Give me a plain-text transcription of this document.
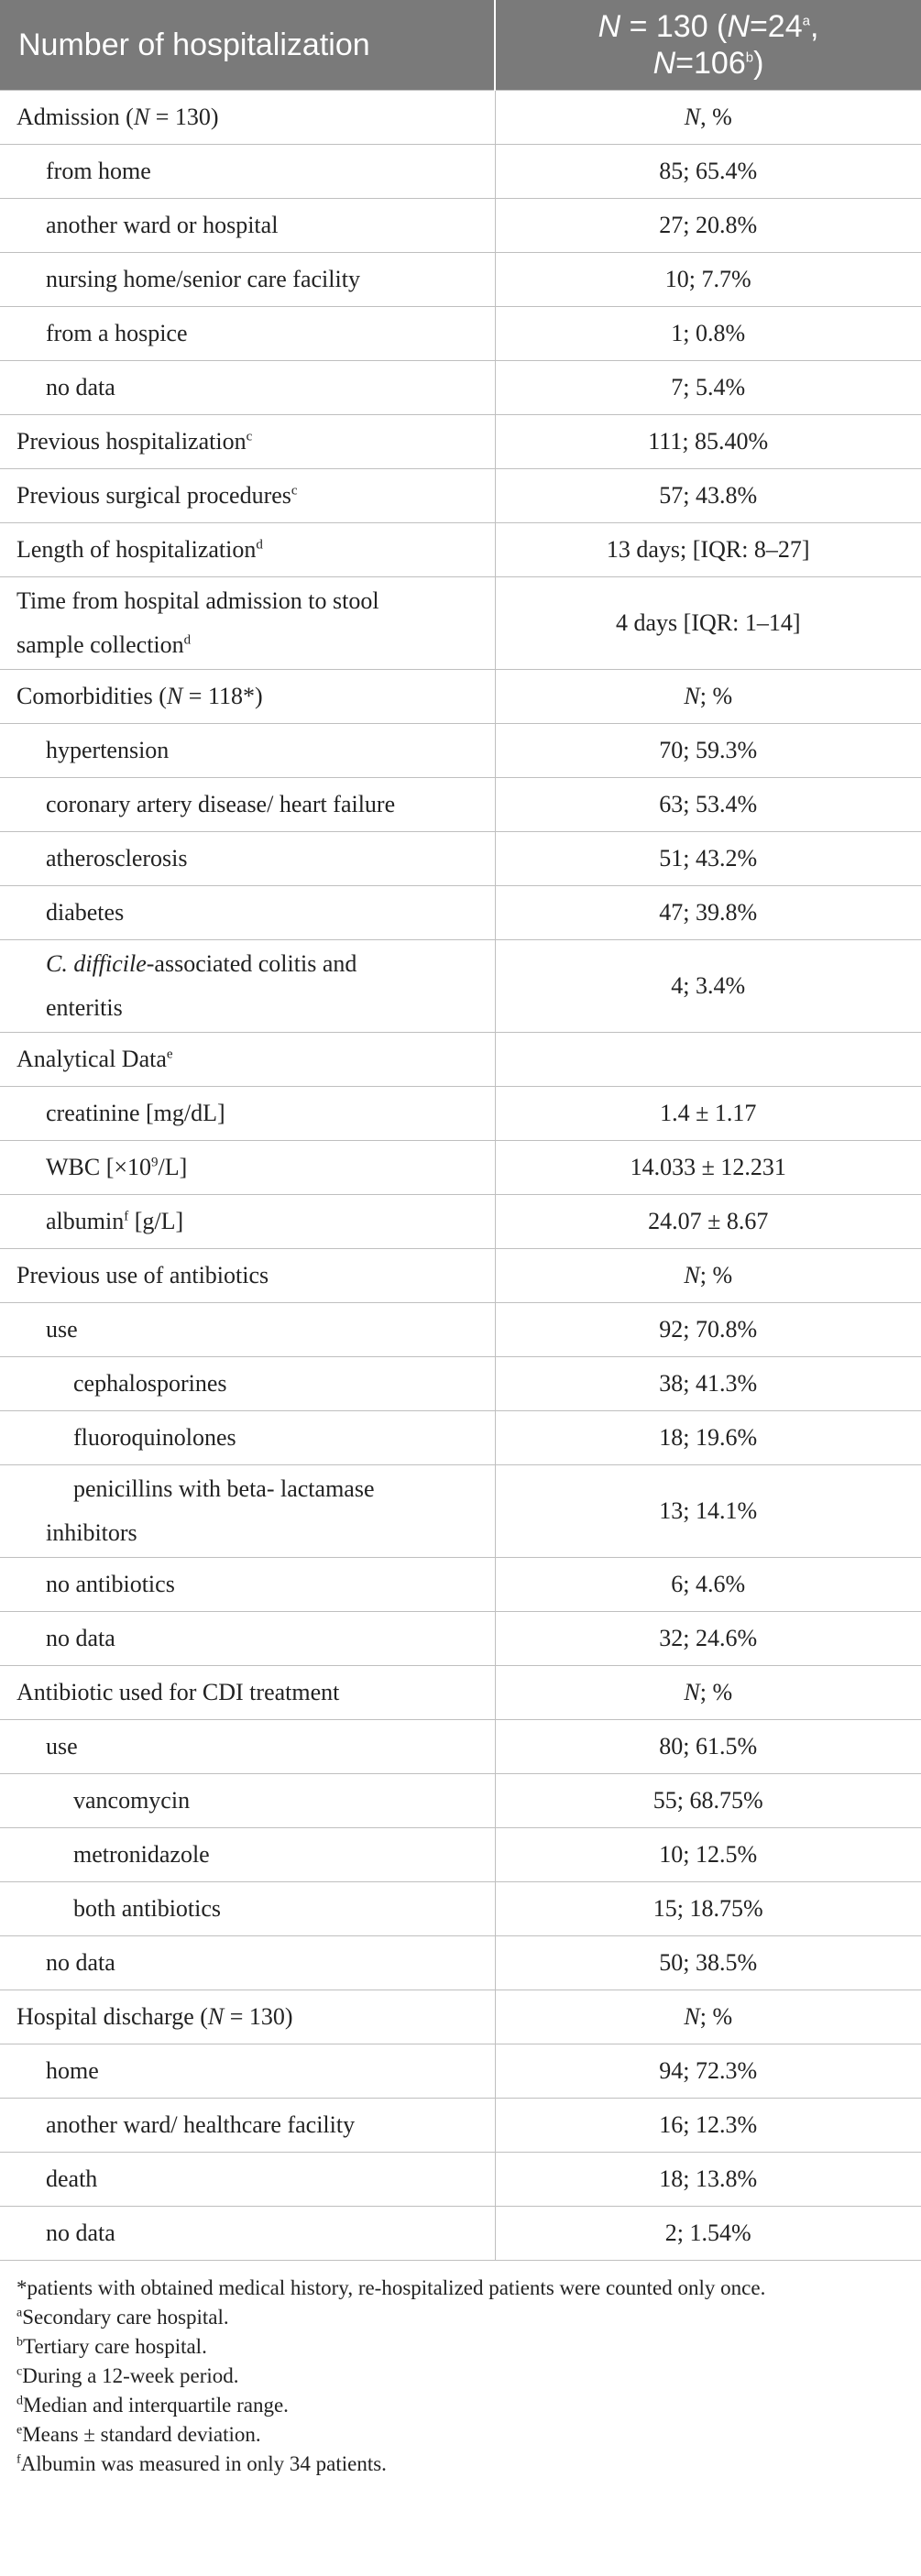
Number of hospitalization	N = 130 ($N=24^a$,
$N=106^b$)
Admission (N = 130)	N, %
from home	85; 65.4%
another ward or hospital	27; 20.8%
nursing home/senior care facility	10; 7.7%
from a hospice	1; 0.8%
no data	7; 5.4%
Previous hospitalization$^c$	111; 85.40%
Previous surgical procedures$^c$	57; 43.8%
Length of hospitalization$^d$	13 days; [IQR: 8–27]
Time from hospital admission to stool
sample collection$^d$	4 days [IQR: 1–14]
Comorbidities (N = 118*)	N; %
hypertension	70; 59.3%
coronary artery disease/ heart failure	63; 53.4%
atherosclerosis	51; 43.2%
diabetes	47; 39.8%
C. difficile-associated colitis and
enteritis	4; 3.4%
Analytical Data$^e$	
creatinine [mg/dL]	1.4 ± 1.17
WBC $[\times 10^9/L]$	14.033 ± 12.231
albumin$^f$ [g/L]	24.07 ± 8.67
Previous use of antibiotics	N; %
use	92; 70.8%
cephalosporines	38; 41.3%
fluoroquinolones	18; 19.6%
penicillins with beta- lactamase
inhibitors	13; 14.1%
no antibiotics	6; 4.6%
no data	32; 24.6%
Antibiotic used for CDI treatment	N; %
use	80; 61.5%
vancomycin	55; 68.75%
metronidazole	10; 12.5%
both antibiotics	15; 18.75%
no data	50; 38.5%
Hospital discharge (N = 130)	N; %
home	94; 72.3%
another ward/ healthcare facility	16; 12.3%
death	18; 13.8%
no data	2; 1.54%
*patients with obtained medical history, re-hospitalized patients were counted only once.
$^a$Secondary care hospital.
$^b$Tertiary care hospital.
$^c$During a 12-week period.
$^d$Median and interquartile range.
$^e$Means ± standard deviation.
$^f$Albumin was measured in only 34 patients.
